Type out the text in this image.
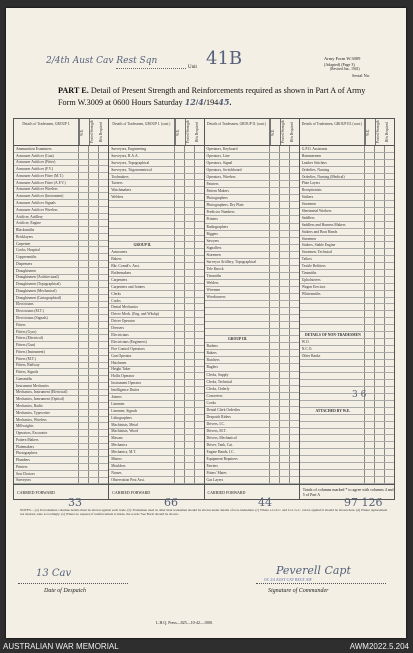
2/4th Aust Cav Rest Sqn
Unit 41B	Army Form W.3009
(Adapted) (Page 3)
(Revised Jan., 1943)
Serial No.
PART E. Detail of Present Strength and Reinforcements required as shown in Part A of Army Form W.3009 at 0600 Hours Saturday 12/4/19445.
Details of Tradesmen, GROUP I.
W.E.	Posted Strength	Rfts Required
Ammunition Examiners
Armourer Artificer (Gun)
Armourer Artificer (Fitter)
Armourer Artificer (F.V.)
Armourer Artificer Fitter (M.T.)
Armourer Artificer Fitter (A.F.V.)
Armourer Artificer Wireless
Armourer Artificer (Instrument)
Armourer Artificer Signals
Armourer Artificer Wireless
Artificer, Artillery
Artificer, Engine
Blacksmiths
Bricklayers
Carpenter
Cooks, Hospital
Coppersmiths
Dispensers
Draughtsmen
Draughtsmen (Architectural)
Draughtsmen (Topographical)
Draughtsmen (Mechanical)
Draughtsmen (Cartographical)
Electricians
Electricians (M.T.)
Electricians (Signals)
Fitters
Fitters (Gyro)
Fitters (Electrical)
Fitters (Gun)
Fitters (Instrument)
Fitters (M.T.)
Fitters, Railway
Fitters, Signals
Gunsmiths
Instrument Mechanics
Mechanics, Instrument (Electrical)
Mechanics, Instrument (Optical)
Mechanics, Radio
Mechanics, Typewriter
Mechanics, Wireless
Millwrights
Operators, Excavator
Pattern Makers
Platemakers
Photographers
Plumbers
Printers
Saw Doctors
Surveyors
CARRIED FORWARD
Details of Tradesmen, GROUP I. (cont.)
W.E.	Posted Strength	Rfts Required
Surveyors, Engineering
Surveyors, R.A.A.
Surveyors, Topographical
Surveyors, Trigonometrical
Toolmakers
Turners
Watchmakers
Welders
GROUP II.
Armourers
Bakers
Bkr. Comdt's. Asst.
Boilermakers
Carpenters
Carpenters and Joiners
Clerks
Cooks
Dental Mechanics
Driver Mech. (Eng. and Wkshp)
Driver Operator
Dressers
Electricians
Electricians (Engineers)
Fire Control Operators
Gun Operator
Hatchmen
Height Taker
Hollis Operator
Instrument Operator
Intelligence Duties
Joiners
Linemen
Linemen, Signals
Lithographers
Machinists, Metal
Machinists, Wood
Masons
Mechanics
Mechanics, M.T.
Miners
Moulders
Nurses
Observation Post Asst.
CARRIED FORWARD
Details of Tradesmen, GROUP II. (cont.)
W.E.	Posted Strength	Rfts Required
Operators, Keyboard
Operators, Line
Operators, Signal
Operators, Switchboard
Operators, Wireless
Painters
Pattern Makers
Photographers
Photographers, Dry Plate
Predictor Numbers
Printers
Radiographers
Riggers
Sawyers
Signallers
Storemen
Surveyor Artillery, Topographical
Tele Knock
Tinsmiths
Welders
Wiremen
Woodturners
GROUP III.
Barbers
Bakers
Butchers
Buglers
Clerks, Supply
Clerks, Technical
Clerks, Orderly
Concreters
Cooks
Dental Clerk Orderlies
Despatch Riders
Drivers, I.C.
Drivers, M.T.
Drivers, Mechanical
Driver, Tank, Cat.
Engine Hands, I.C.
Equipment Repairers
Farriers
Fitters' Mates
Gas Layers
CARRIED FORWARD
Details of Tradesmen, GROUP III. (cont.)
W.E.	Posted Strength	Rfts Required
G.P.O. Assistants
Hammermen
Leather Stitchers
Orderlies, Nursing
Orderlies, Nursing (Medical)
Plate Layers
Receptionists
Strikers
Storemen
Sheetmetal Workers
Saddlers
Saddlers and Harness Makers
Stokers and Boat Hands
Storemen
Stokers, Stable Engine
Storemen, Technical
Tailors
Textile Refitters
Tinsmiths
Upholsterers
Wagon Erectors
Whitesmiths
DETAILS OF NON-TRADESMEN
W.O.
N.C.O.
Other Ranks
ATTACHED BY W.E.
Totals of columns marked * to agree with columns 4 and 5 of Part A
33	66	44	97 126
3 6
NOTES.—(a) In tradesmen columns details must be shown against each trade. (b) Tradesmen used as other than tradesmen should be shown under details of non-tradesmen. (c) Where a G.S.C. and Col. G.C. can be applied it should be shown here. (d) Where replacement not desired, state accordingly. (e) Where no request of reinforcement is made, the words 'See Back' should be shown.
L.H.Q. Press—825—10-42—1000.
13 Cav
Date of Despatch
Peverell Capt
OC 2/4 AUST CAV REGT AIF
Signature of Commander
AUSTRALIAN WAR MEMORIAL	AWM2022.5.204
